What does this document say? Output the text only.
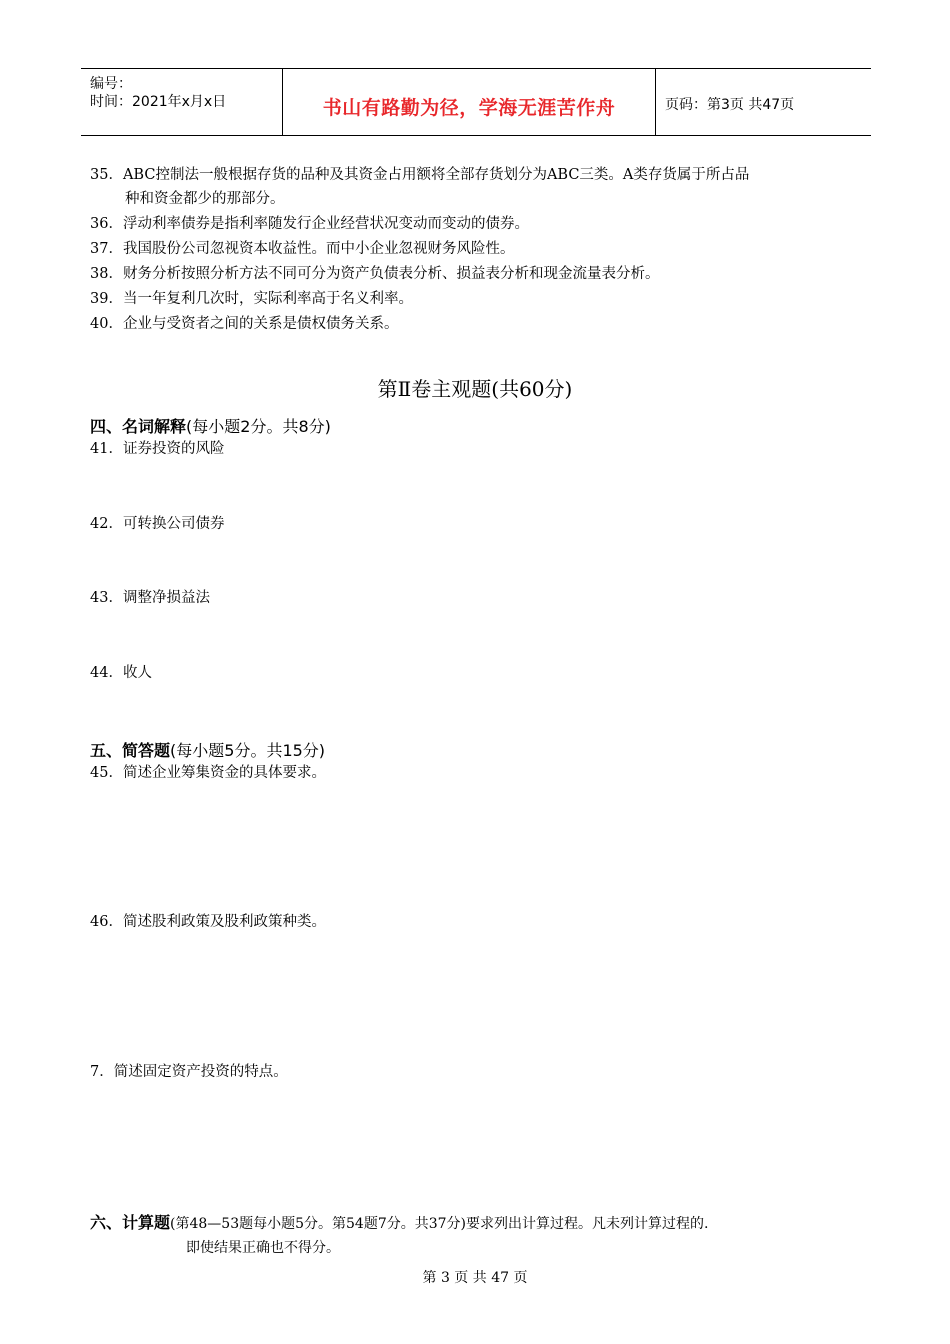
编号：
时间：2021年x月x日	书山有路勤为径，学海无涯苦作舟	页码：第3页 共47页
35．ABC控制法一般根据存货的品种及其资金占用额将全部存货划分为ABC三类。A类存货属于所占品
种和资金都少的那部分。
36．浮动利率债券是指利率随发行企业经营状况变动而变动的债券。
37．我国股份公司忽视资本收益性。而中小企业忽视财务风险性。
38．财务分析按照分析方法不同可分为资产负债表分析、损益表分析和现金流量表分析。
39．当一年复利几次时，实际利率高于名义利率。
40．企业与受资者之间的关系是债权债务关系。
第Ⅱ卷主观题(共60分)
四、名词解释(每小题2分。共8分)
41．证券投资的风险
42．可转换公司债券
43．调整净损益法
44．收人
五、简答题(每小题5分。共15分)
45．简述企业筹集资金的具体要求。
46．简述股利政策及股利政策种类。
7．简述固定资产投资的特点。
六、计算题(第48—53题每小题5分。第54题7分。共37分)要求列出计算过程。凡未列计算过程的.
即使结果正确也不得分。
第 3 页 共 47 页
